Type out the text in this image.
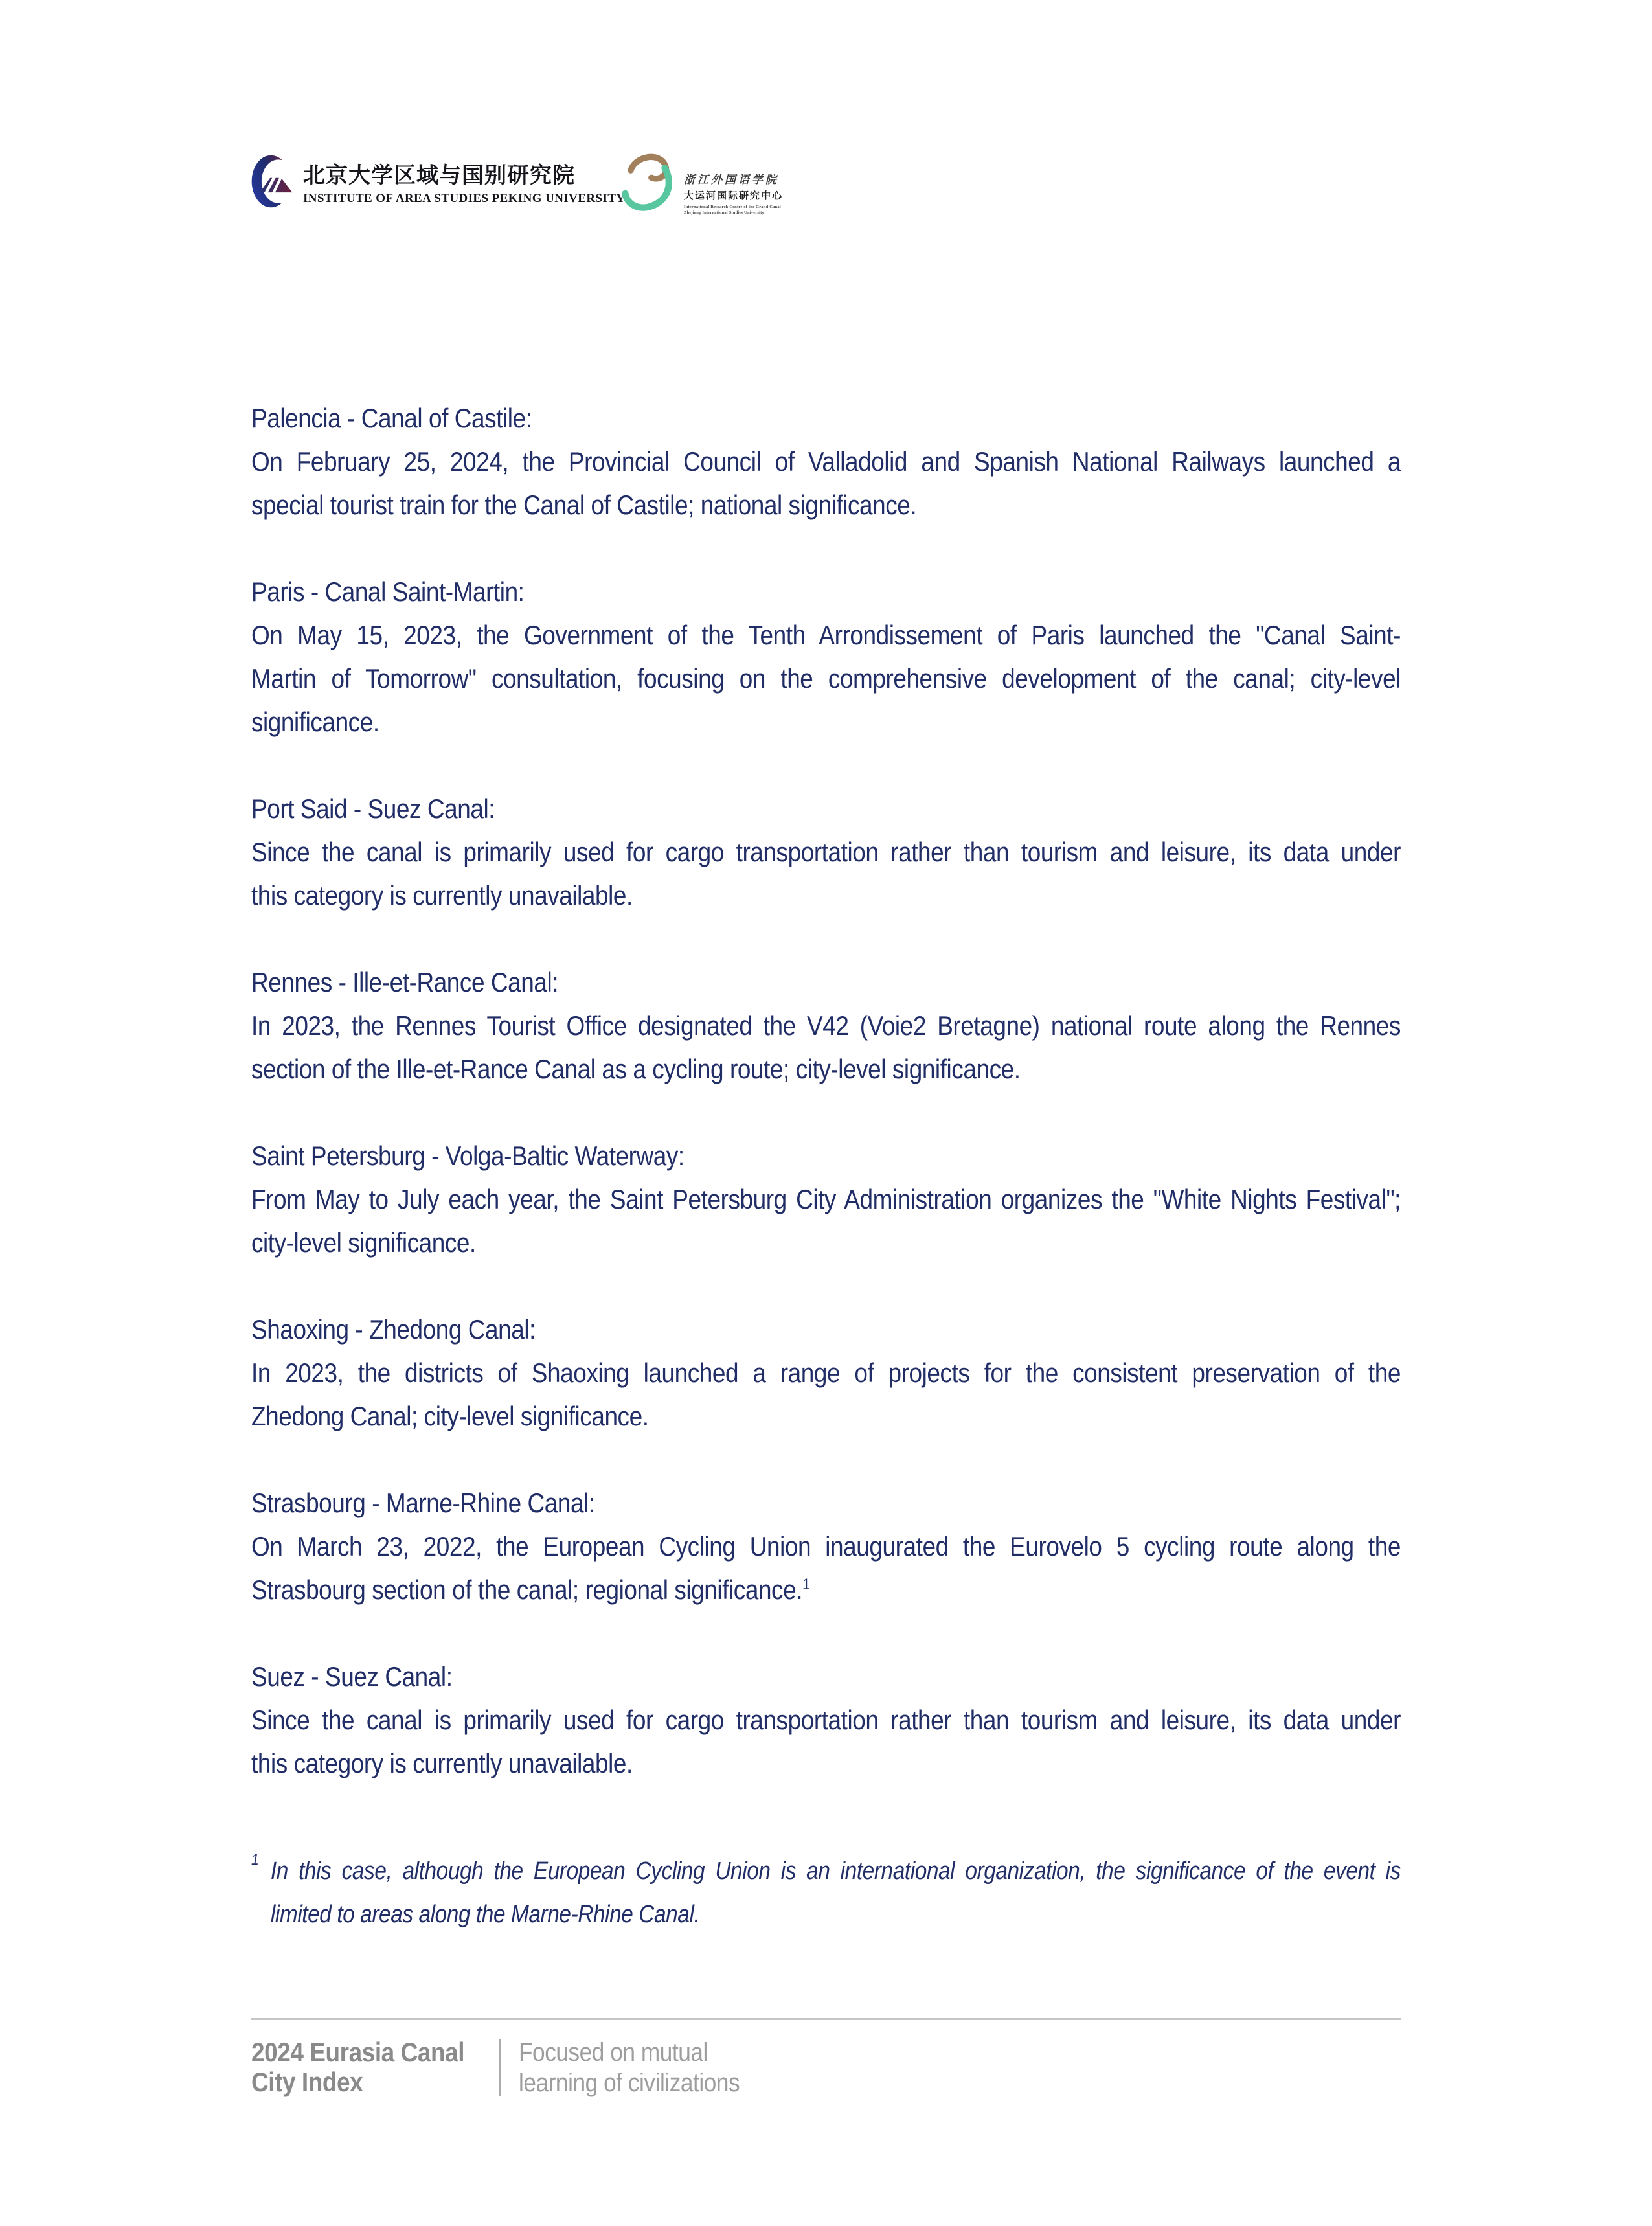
北京大学区域与国别研究院
INSTITUTE OF AREA STUDIES PEKING UNIVERSITY
浙江外国语学院
大运河国际研究中心
International Research Centre of the Grand Canal
Zhejiang International Studies University
Palencia - Canal of Castile:
On February 25, 2024, the Provincial Council of Valladolid and Spanish National Railways launched a
special tourist train for the Canal of Castile; national significance.
Paris - Canal Saint-Martin:
On May 15, 2023, the Government of the Tenth Arrondissement of Paris launched the "Canal Saint-
Martin of Tomorrow" consultation, focusing on the comprehensive development of the canal; city-level
significance.
Port Said - Suez Canal:
Since the canal is primarily used for cargo transportation rather than tourism and leisure, its data under
this category is currently unavailable.
Rennes - Ille-et-Rance Canal:
In 2023, the Rennes Tourist Office designated the V42 (Voie2 Bretagne) national route along the Rennes
section of the Ille-et-Rance Canal as a cycling route; city-level significance.
Saint Petersburg - Volga-Baltic Waterway:
From May to July each year, the Saint Petersburg City Administration organizes the "White Nights Festival";
city-level significance.
Shaoxing - Zhedong Canal:
In 2023, the districts of Shaoxing launched a range of projects for the consistent preservation of the
Zhedong Canal; city-level significance.
Strasbourg - Marne-Rhine Canal:
On March 23, 2022, the European Cycling Union inaugurated the Eurovelo 5 cycling route along the
Strasbourg section of the canal; regional significance.$^1$
Suez - Suez Canal:
Since the canal is primarily used for cargo transportation rather than tourism and leisure, its data under
this category is currently unavailable.
1 In this case, although the European Cycling Union is an international organization, the significance of the event is
limited to areas along the Marne-Rhine Canal.
2024 Eurasia Canal
City Index
Focused on mutual
learning of civilizations
